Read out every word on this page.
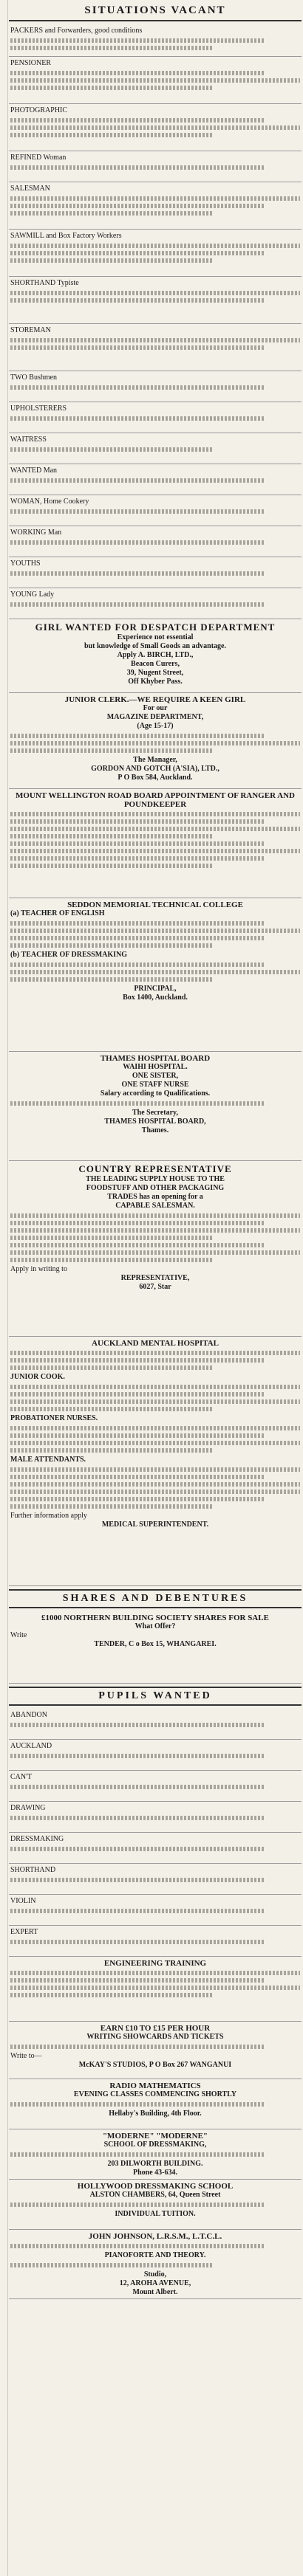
SITUATIONS VACANT
PACKERS and Forwarders, good conditions
PENSIONER
PHOTOGRAPHIC
REFINED Woman
SALESMAN
SAWMILL and Box Factory Workers
SHORTHAND Typiste
STOREMAN
TWO Bushmen
UPHOLSTERERS
WAITRESS
WANTED Man
WOMAN, Home Cookery
WORKING Man
YOUTHS
YOUNG Lady
GIRL WANTED FOR DESPATCH DEPARTMENT
Experience not essential
but knowledge of Small Goods an advantage.
Apply A. BIRCH, LTD.,
Beacon Curers,
39, Nugent Street,
Off Khyber Pass.
JUNIOR CLERK.—WE REQUIRE A KEEN GIRL
For our
MAGAZINE DEPARTMENT,
(Age 15-17)
The Manager,
GORDON AND GOTCH (A'SIA), LTD.,
P O Box 584, Auckland.
MOUNT WELLINGTON ROAD BOARD APPOINTMENT OF RANGER AND POUNDKEEPER
SEDDON MEMORIAL TECHNICAL COLLEGE
(a) TEACHER OF ENGLISH
(b) TEACHER OF DRESSMAKING
PRINCIPAL,
Box 1400, Auckland.
THAMES HOSPITAL BOARD
WAIHI HOSPITAL.
ONE SISTER,
ONE STAFF NURSE
Salary according to Qualifications.
The Secretary,
THAMES HOSPITAL BOARD,
Thames.
COUNTRY REPRESENTATIVE
THE LEADING SUPPLY HOUSE TO THE
FOODSTUFF AND OTHER PACKAGING
TRADES has an opening for a
CAPABLE SALESMAN.
Apply in writing to
REPRESENTATIVE,
6027, Star
AUCKLAND MENTAL HOSPITAL
JUNIOR COOK.
PROBATIONER NURSES.
MALE ATTENDANTS.
Further information apply
MEDICAL SUPERINTENDENT.
SHARES AND DEBENTURES
£1000 NORTHERN BUILDING SOCIETY SHARES FOR SALE
What Offer?
Write
TENDER, C o Box 15, WHANGAREI.
PUPILS WANTED
ABANDON
AUCKLAND
CAN'T
DRAWING
DRESSMAKING
SHORTHAND
VIOLIN
EXPERT
ENGINEERING TRAINING
EARN £10 TO £15 PER HOUR
WRITING SHOWCARDS AND TICKETS
Write to—
McKAY'S STUDIOS, P O Box 267 WANGANUI
RADIO MATHEMATICS
EVENING CLASSES COMMENCING SHORTLY
Hellaby's Building, 4th Floor.
"MODERNE" "MODERNE"
SCHOOL OF DRESSMAKING,
203 DILWORTH BUILDING.
Phone 43-634.
HOLLYWOOD DRESSMAKING SCHOOL
ALSTON CHAMBERS, 64, Queen Street
INDIVIDUAL TUITION.
JOHN JOHNSON, L.R.S.M., L.T.C.L.
PIANOFORTE AND THEORY.
Studio,
12, AROHA AVENUE,
Mount Albert.
